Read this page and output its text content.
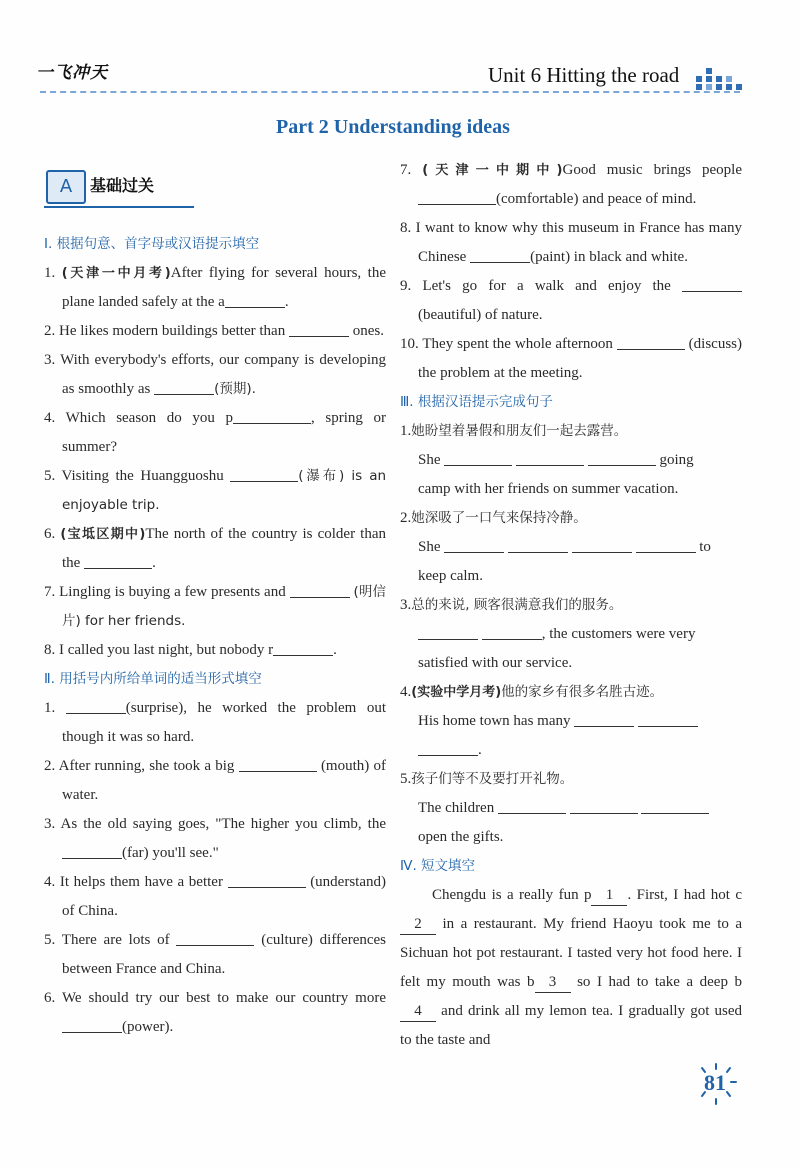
一飞冲天	Unit 6 Hitting the road
Part 2 Understanding ideas
A	基础过关
Ⅰ. 根据句意、首字母或汉语提示填空
1. (天津一中月考)After flying for several hours, the plane landed safely at the a	.
2. He likes modern buildings better than	ones.
3. With everybody's efforts, our company is developing as smoothly as	(预期).
4. Which season do you p	, spring or summer?
5. Visiting the Huangguoshu	(瀑布) is an enjoyable trip.
6. (宝坻区期中)The north of the country is colder than the	.
7. Lingling is buying a few presents and	(明信片) for her friends.
8. I called you last night, but nobody r	.
Ⅱ. 用括号内所给单词的适当形式填空
1.	(surprise), he worked the problem out though it was so hard.
2. After running, she took a big	(mouth) of water.
3. As the old saying goes, "The higher you climb, the (far) you'll see."
4. It helps them have a better	(understand) of China.
5. There are lots of	(culture) differences between France and China.
6. We should try our best to make our country more (power).
7. (天津一中期中)Good music brings people (comfortable) and peace of mind.
8. I want to know why this museum in France has many Chinese	(paint) in black and white.
9. Let's go for a walk and enjoy the  (beautiful) of nature.
10. They spent the whole afternoon	(discuss) the problem at the meeting.
Ⅲ. 根据汉语提示完成句子
1.她盼望着暑假和朋友们一起去露营。
She	going
camp with her friends on summer vacation.
2.她深吸了一口气来保持冷静。
She	to
keep calm.
3.总的来说, 顾客很满意我们的服务。
, the customers were very
satisfied with our service.
4.(实验中学月考)他的家乡有很多名胜古迹。
His home town has many
.
5.孩子们等不及要打开礼物。
The children
open the gifts.
Ⅳ. 短文填空
Chengdu is a really fun p 1 . First, I had hot c2 in a restaurant. My friend Haoyu took me to a Sichuan hot pot restaurant. I tasted very hot food here. I felt my mouth was b 3 so I had to take a deep b4 and drink all my lemon tea. I gradually got used to the taste and
81
